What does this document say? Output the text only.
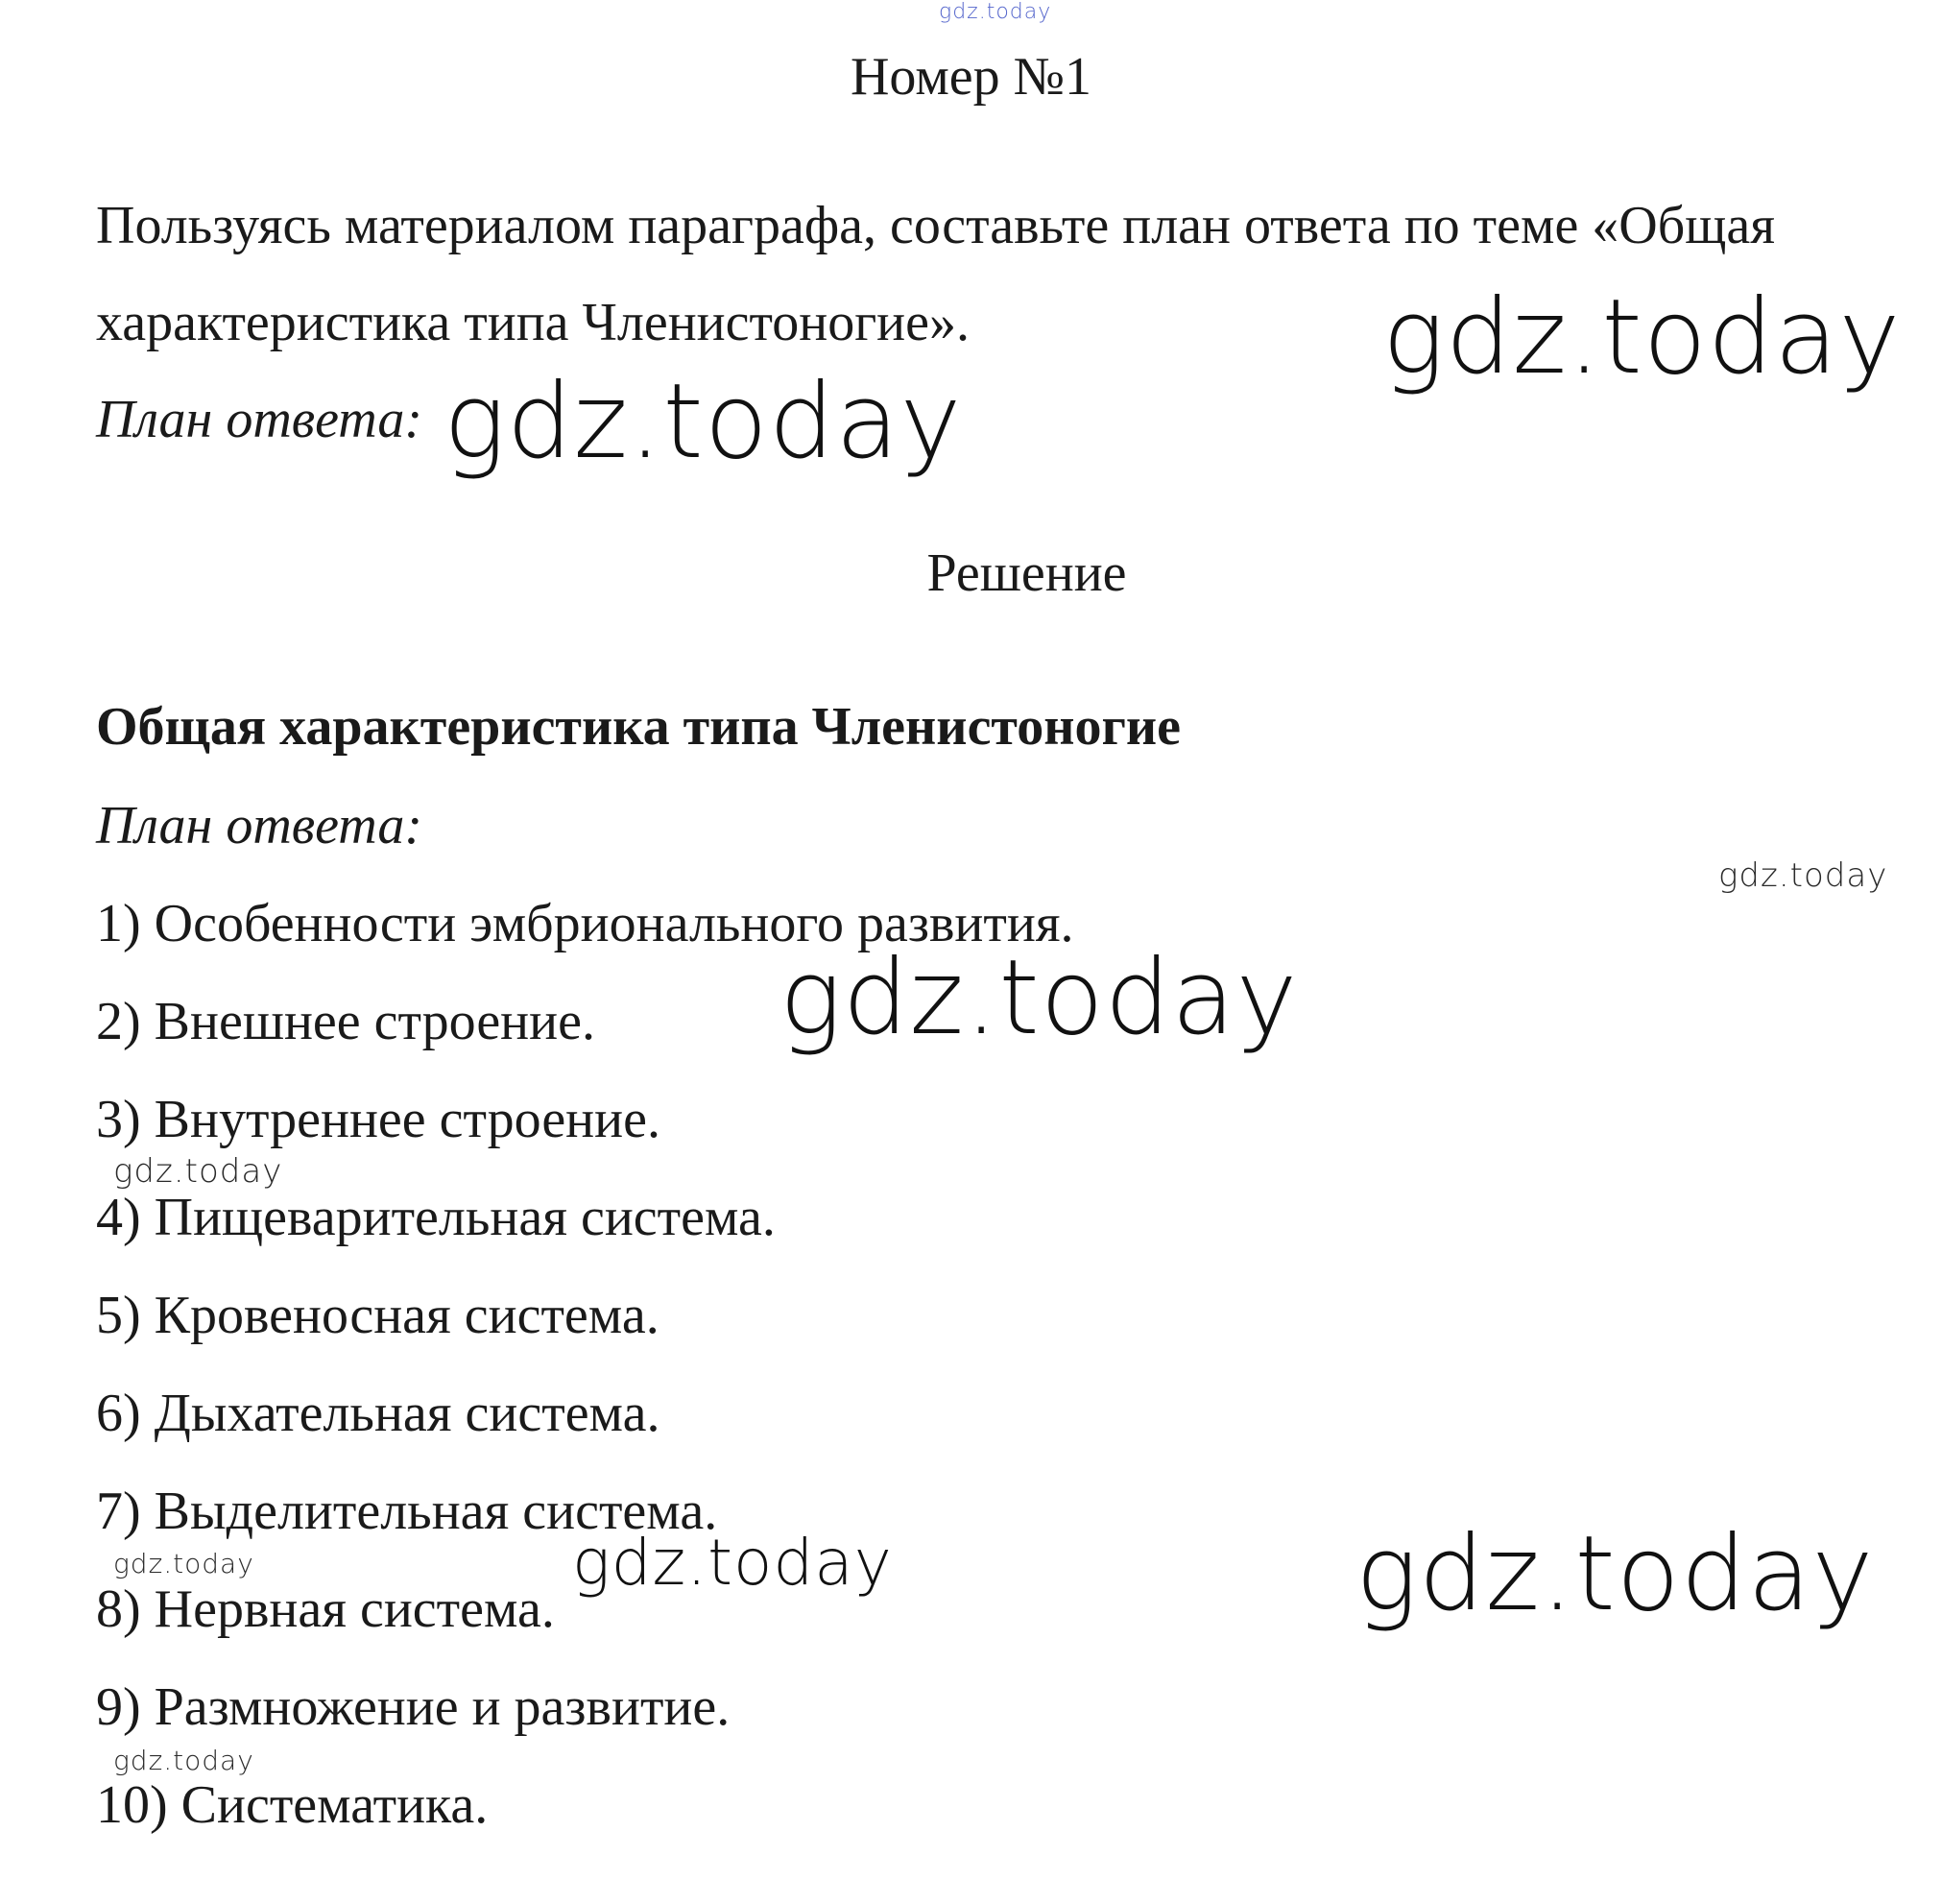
gdz.today
gdz.today
gdz.today
gdz.today
gdz.today
gdz.today
gdz.today	gdz.today	gdz.today
gdz.today
Номер №1
Пользуясь материалом параграфа, составьте план ответа по теме «Общая
характеристика типа Членистоногие».
План ответа:
Решение
Общая характеристика типа Членистоногие
План ответа:
1) Особенности эмбрионального развития.
2) Внешнее строение.
3) Внутреннее строение.
4) Пищеварительная система.
5) Кровеносная система.
6) Дыхательная система.
7) Выделительная система.
8) Нервная система.
9) Размножение и развитие.
10) Систематика.
